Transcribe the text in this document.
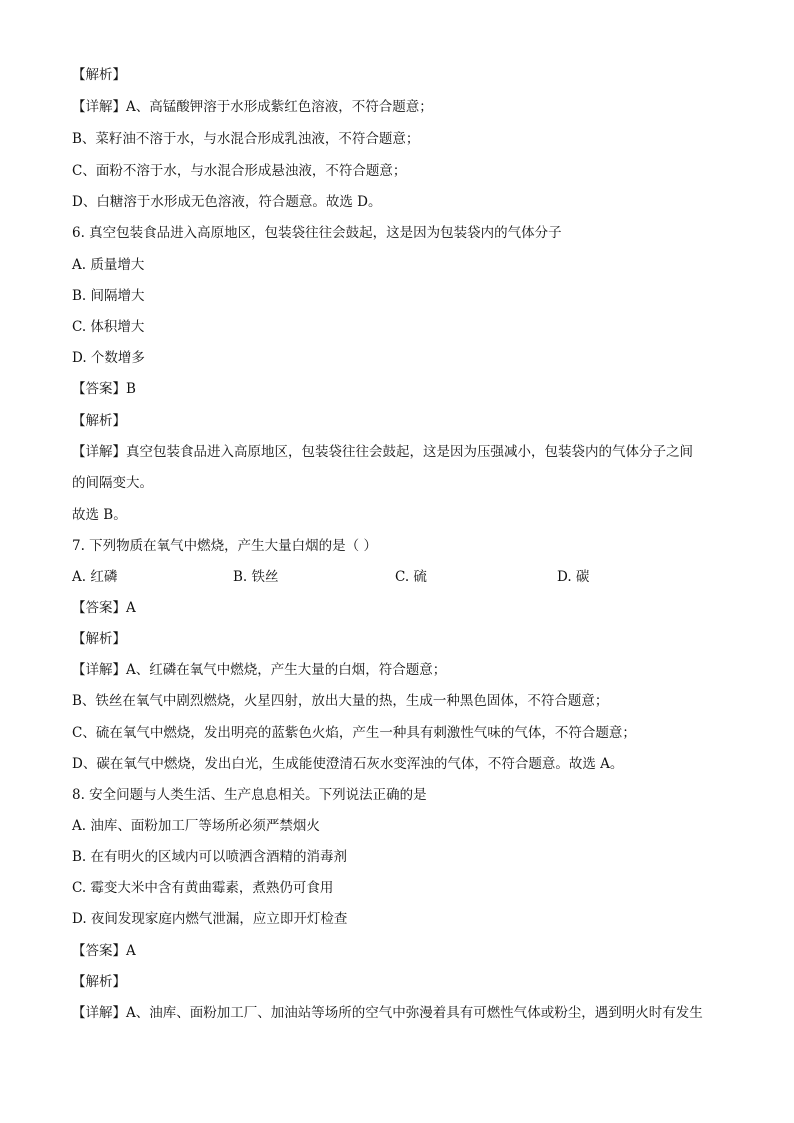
【解析】
【详解】A、高锰酸钾溶于水形成紫红色溶液，不符合题意；
B、菜籽油不溶于水，与水混合形成乳浊液，不符合题意；
C、面粉不溶于水，与水混合形成悬浊液，不符合题意；
D、白糖溶于水形成无色溶液，符合题意。故选 D。
6. 真空包装食品进入高原地区，包装袋往往会鼓起，这是因为包装袋内的气体分子
A. 质量增大
B. 间隔增大
C. 体积增大
D. 个数增多
【答案】B
【解析】
【详解】真空包装食品进入高原地区，包装袋往往会鼓起，这是因为压强减小，包装袋内的气体分子之间
的间隔变大。
故选 B。
7. 下列物质在氧气中燃烧，产生大量白烟的是（ ）
A. 红磷	B. 铁丝	C. 硫	D. 碳
【答案】A
【解析】
【详解】A、红磷在氧气中燃烧，产生大量的白烟，符合题意；
B、铁丝在氧气中剧烈燃烧，火星四射，放出大量的热，生成一种黑色固体，不符合题意；
C、硫在氧气中燃烧，发出明亮的蓝紫色火焰，产生一种具有刺激性气味的气体，不符合题意；
D、碳在氧气中燃烧，发出白光，生成能使澄清石灰水变浑浊的气体，不符合题意。故选 A。
8. 安全问题与人类生活、生产息息相关。下列说法正确的是
A. 油库、面粉加工厂等场所必须严禁烟火
B. 在有明火的区域内可以喷洒含酒精的消毒剂
C. 霉变大米中含有黄曲霉素，煮熟仍可食用
D. 夜间发现家庭内燃气泄漏，应立即开灯检查
【答案】A
【解析】
【详解】A、油库、面粉加工厂、加油站等场所的空气中弥漫着具有可燃性气体或粉尘，遇到明火时有发生
